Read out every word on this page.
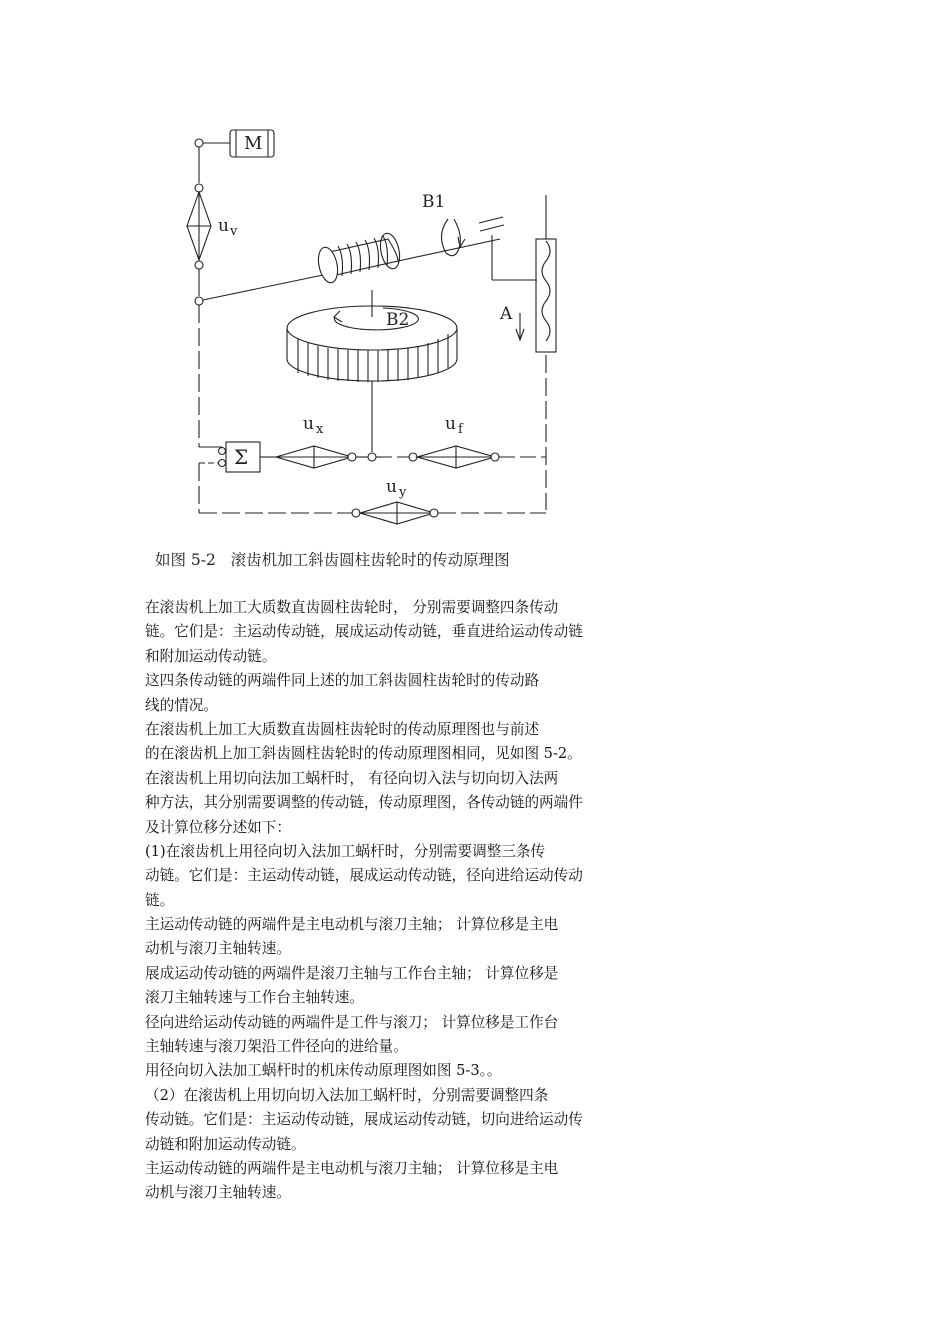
M
u v
B1
B2	A
Σ
u x	u f
u y
如图 5-2   滚齿机加工斜齿圆柱齿轮时的传动原理图
在滚齿机上加工大质数直齿圆柱齿轮时， 分别需要调整四条传动
链。它们是：主运动传动链，展成运动传动链，垂直进给运动传动链
和附加运动传动链。
这四条传动链的两端件同上述的加工斜齿圆柱齿轮时的传动路
线的情况。
在滚齿机上加工大质数直齿圆柱齿轮时的传动原理图也与前述
的在滚齿机上加工斜齿圆柱齿轮时的传动原理图相同，见如图 5-2。
在滚齿机上用切向法加工蜗杆时， 有径向切入法与切向切入法两
种方法，其分别需要调整的传动链，传动原理图，各传动链的两端件
及计算位移分述如下：
(1)在滚齿机上用径向切入法加工蜗杆时，分别需要调整三条传
动链。它们是：主运动传动链，展成运动传动链，径向进给运动传动
链。
主运动传动链的两端件是主电动机与滚刀主轴； 计算位移是主电
动机与滚刀主轴转速。
展成运动传动链的两端件是滚刀主轴与工作台主轴； 计算位移是
滚刀主轴转速与工作台主轴转速。
径向进给运动传动链的两端件是工件与滚刀； 计算位移是工作台
主轴转速与滚刀架沿工件径向的进给量。
用径向切入法加工蜗杆时的机床传动原理图如图 5-3。。
（2）在滚齿机上用切向切入法加工蜗杆时，分别需要调整四条
传动链。它们是：主运动传动链，展成运动传动链，切向进给运动传
动链和附加运动传动链。
主运动传动链的两端件是主电动机与滚刀主轴； 计算位移是主电
动机与滚刀主轴转速。
